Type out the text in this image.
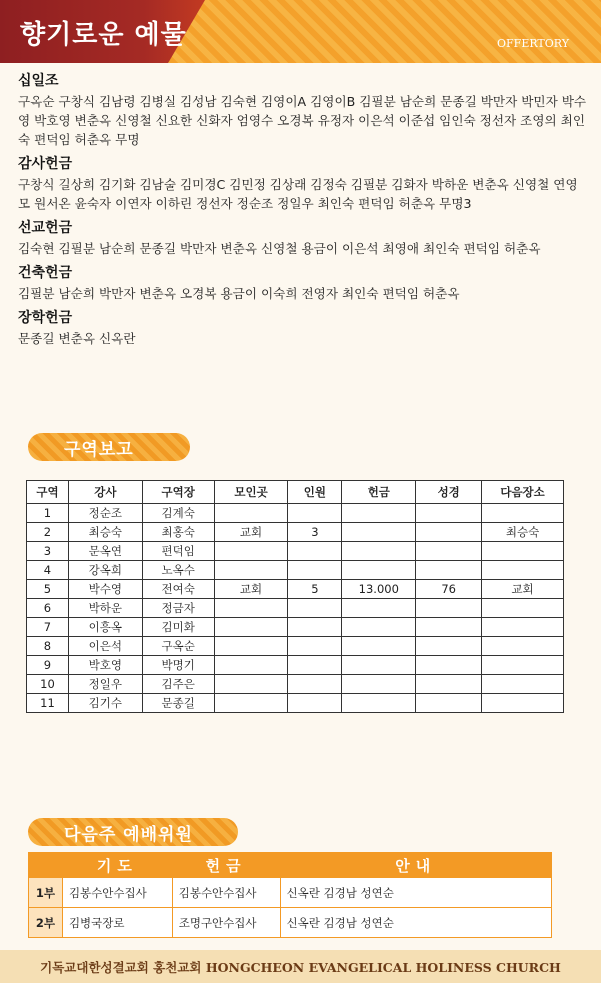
향기로운 예물	OFFERTORY

십일조

구옥순 구창식 김남령 김병실 김성남 김숙현 김영이A 김영이B 김필분 남순희 문종길 박만자 박민자 박수영 박호영 변춘옥 신영철 신요한 신화자 엄영수 오경복 유정자 이은석 이준섭 임인숙 정선자 조영의 최인숙 편덕임 허춘옥 무명

감사헌금

구창식 길상희 김기화 김남술 김미경C 김민정 김상래 김정숙 김필분 김화자 박하운 변춘옥 신영철 연영모 원서온 윤숙자 이연자 이하린 정선자 정순조 정일우 최인숙 편덕임 허춘옥 무명3

선교헌금

김숙현 김필분 남순희 문종길 박만자 변춘옥 신영철 용금이 이은석 최영애 최인숙 편덕임 허춘옥

건축헌금

김필분 남순희 박만자 변춘옥 오경복 용금이 이숙희 전영자 최인숙 편덕임 허춘옥

장학헌금

문종길 변춘옥 신옥란

구역보고
구역	강사	구역장	모인곳	인원	헌금	성경	다음장소
1	정순조	김계숙					
2	최승숙	최홍숙	교회	3			최승숙
3	문옥연	편덕임					
4	강옥희	노옥수					
5	박수영	전여숙	교회	5	13.000	76	교회
6	박하운	정금자					
7	이흥옥	김미화					
8	이은석	구옥순					
9	박호영	박명기					
10	정일우	김주은					
11	김기수	문종길					
다음주 예배위원
	기도	헌금	안내
1부	김봉수안수집사	김봉수안수집사	신옥란 김경남 성연순
2부	김병국장로	조명구안수집사	신옥란 김경남 성연순
기독교대한성결교회 홍천교회 HONGCHEON EVANGELICAL HOLINESS CHURCH
